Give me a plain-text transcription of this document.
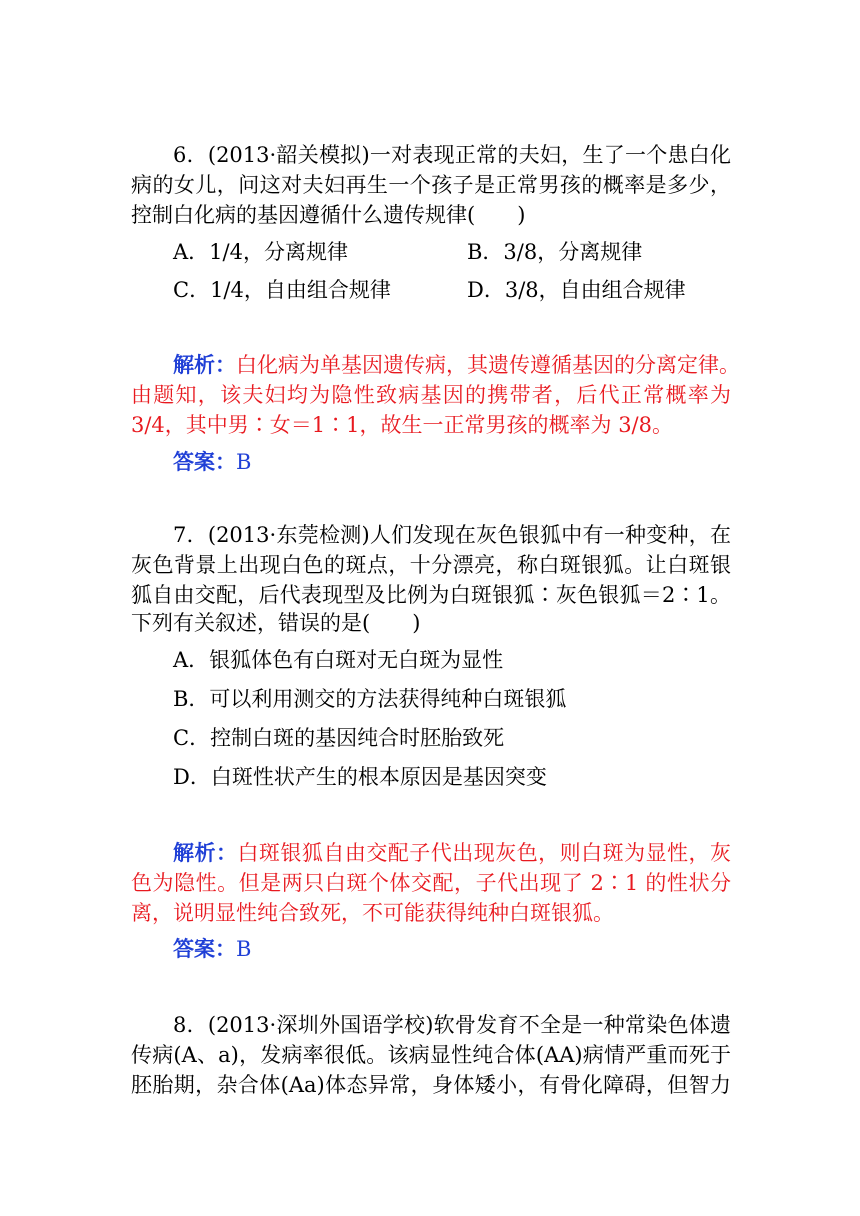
6．(2013·韶关模拟)一对表现正常的夫妇，生了一个患白化
病的女儿，问这对夫妇再生一个孩子是正常男孩的概率是多少，
控制白化病的基因遵循什么遗传规律(　　)
A．1/4，分离规律	B．3/8，分离规律
C．1/4，自由组合规律	D．3/8，自由组合规律
解析：白化病为单基因遗传病，其遗传遵循基因的分离定律。
由题知，该夫妇均为隐性致病基因的携带者，后代正常概率为
3/4，其中男∶女＝1∶1，故生一正常男孩的概率为 3/8。
答案：B
7．(2013·东莞检测)人们发现在灰色银狐中有一种变种，在
灰色背景上出现白色的斑点，十分漂亮，称白斑银狐。让白斑银
狐自由交配，后代表现型及比例为白斑银狐∶灰色银狐＝2∶1。
下列有关叙述，错误的是(　　)
A．银狐体色有白斑对无白斑为显性
B．可以利用测交的方法获得纯种白斑银狐
C．控制白斑的基因纯合时胚胎致死
D．白斑性状产生的根本原因是基因突变
解析：白斑银狐自由交配子代出现灰色，则白斑为显性，灰
色为隐性。但是两只白斑个体交配，子代出现了 2∶1 的性状分
离，说明显性纯合致死，不可能获得纯种白斑银狐。
答案：B
8．(2013·深圳外国语学校)软骨发育不全是一种常染色体遗
传病(A、a)，发病率很低。该病显性纯合体(AA)病情严重而死于
胚胎期，杂合体(Aa)体态异常，身体矮小，有骨化障碍，但智力
